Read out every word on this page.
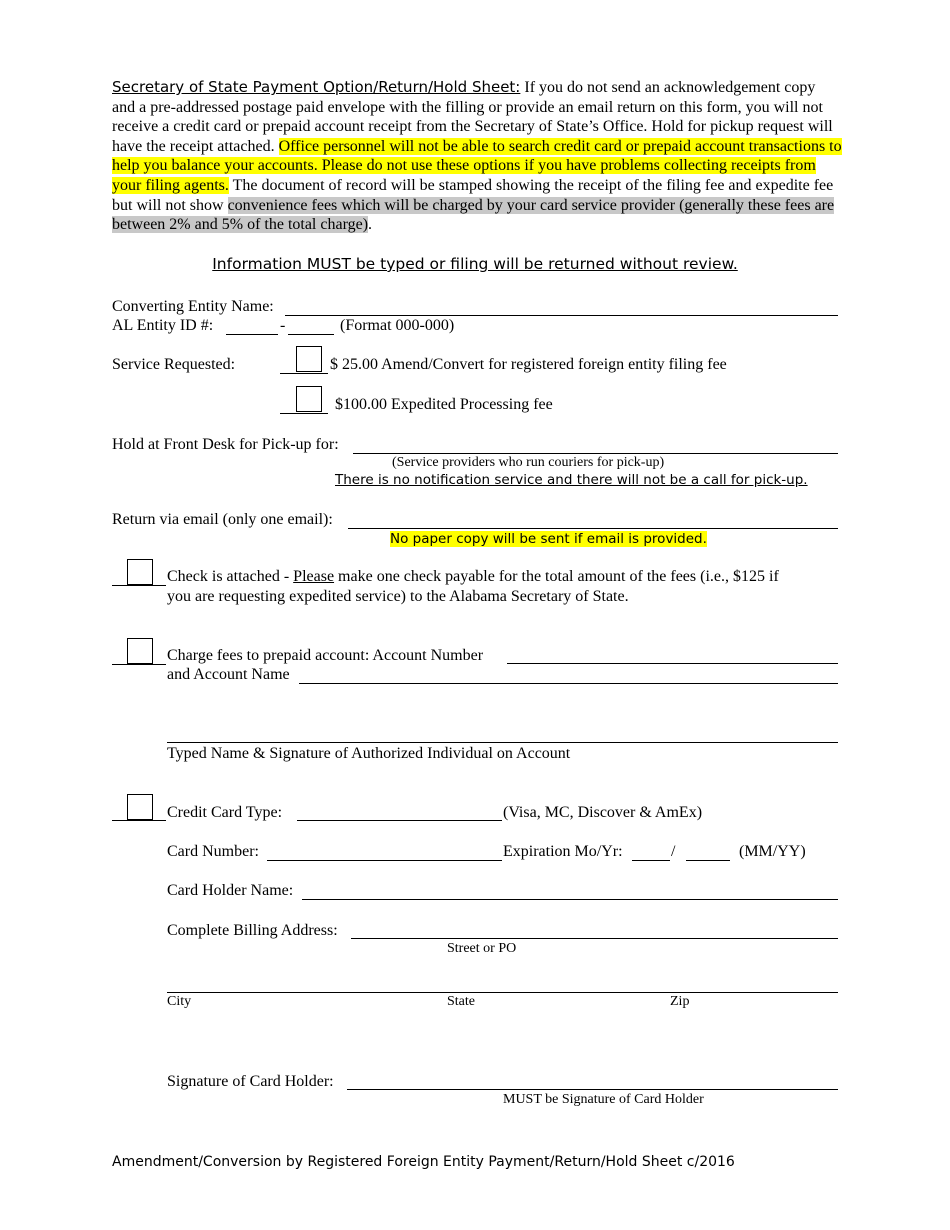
Secretary of State Payment Option/Return/Hold Sheet: If you do not send an acknowledgement copy and a pre-addressed postage paid envelope with the filling or provide an email return on this form, you will not receive a credit card or prepaid account receipt from the Secretary of State’s Office. Hold for pickup request will have the receipt attached. Office personnel will not be able to search credit card or prepaid account transactions to help you balance your accounts. Please do not use these options if you have problems collecting receipts from your filing agents. The document of record will be stamped showing the receipt of the filing fee and expedite fee but will not show convenience fees which will be charged by your card service provider (generally these fees are between 2% and 5% of the total charge).
Information MUST be typed or filing will be returned without review.
Converting Entity Name:
AL Entity ID #:	-	(Format 000-000)
Service Requested:	$ 25.00 Amend/Convert for registered foreign entity filing fee
$100.00 Expedited Processing fee
Hold at Front Desk for Pick-up for:
(Service providers who run couriers for pick-up)
There is no notification service and there will not be a call for pick-up.
Return via email (only one email):
No paper copy will be sent if email is provided.
Check is attached - Please make one check payable for the total amount of the fees (i.e., $125 if
you are requesting expedited service) to the Alabama Secretary of State.
Charge fees to prepaid account: Account Number
and Account Name
Typed Name & Signature of Authorized Individual on Account
Credit Card Type:	(Visa, MC, Discover & AmEx)
Card Number:	Expiration Mo/Yr:	/	(MM/YY)
Card Holder Name:
Complete Billing Address:
Street or PO
City	State	Zip
Signature of Card Holder:
MUST be Signature of Card Holder
Amendment/Conversion by Registered Foreign Entity Payment/Return/Hold Sheet c/2016
